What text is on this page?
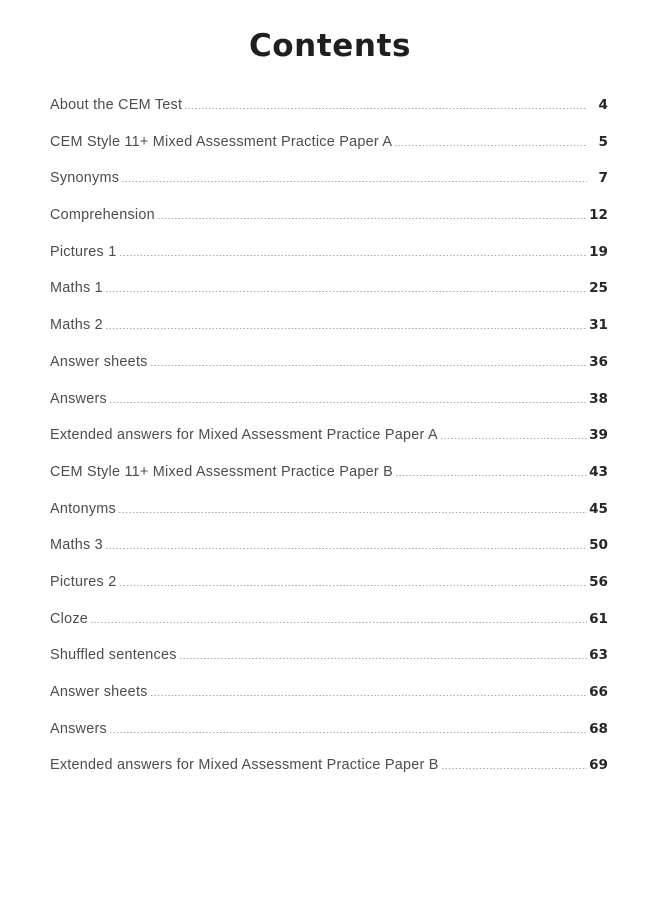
Contents
About the CEM Test	4
CEM Style 11+ Mixed Assessment Practice Paper A	5
Synonyms	7
Comprehension	12
Pictures 1	19
Maths 1	25
Maths 2	31
Answer sheets	36
Answers	38
Extended answers for Mixed Assessment Practice Paper A	39
CEM Style 11+ Mixed Assessment Practice Paper B	43
Antonyms	45
Maths 3	50
Pictures 2	56
Cloze	61
Shuffled sentences	63
Answer sheets	66
Answers	68
Extended answers for Mixed Assessment Practice Paper B	69
